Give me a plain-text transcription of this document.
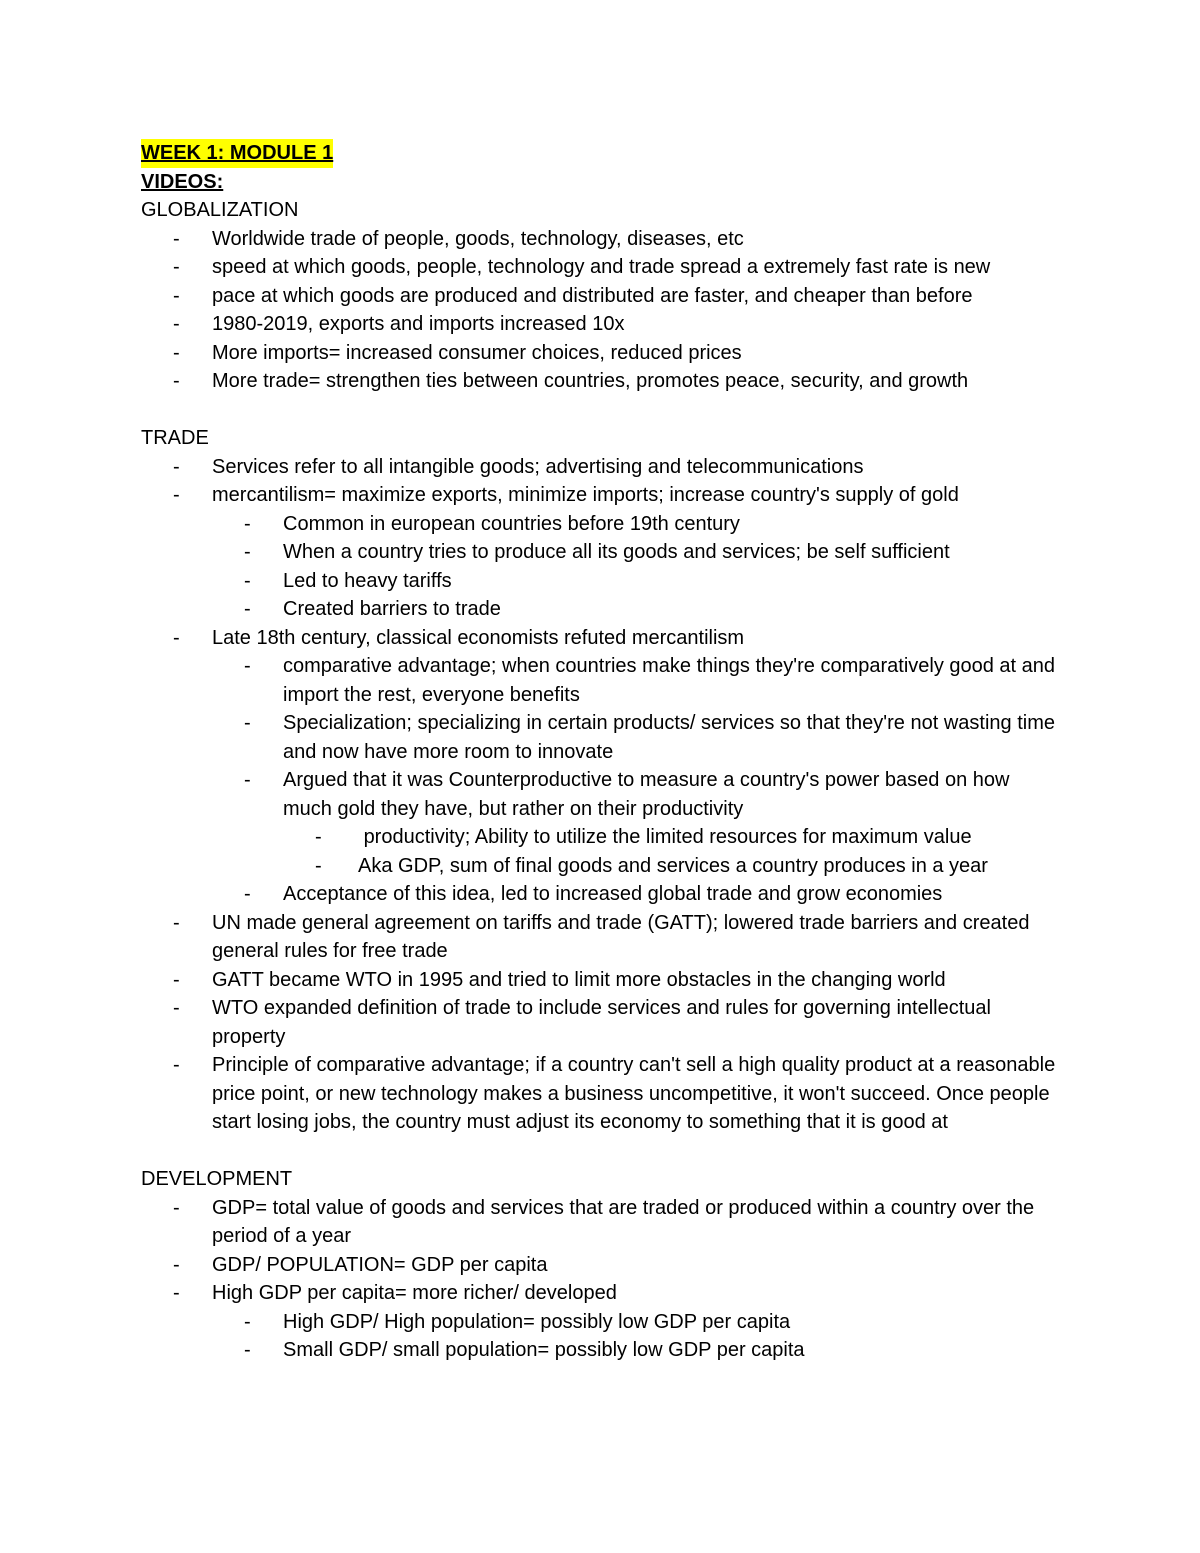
WEEK 1: MODULE 1
VIDEOS:
GLOBALIZATION
- Worldwide trade of people, goods, technology, diseases, etc
- speed at which goods, people, technology and trade spread a extremely fast rate is new
- pace at which goods are produced and distributed are faster, and cheaper than before
- 1980-2019, exports and imports increased 10x
- More imports= increased consumer choices, reduced prices
- More trade= strengthen ties between countries, promotes peace, security, and growth
TRADE
- Services refer to all intangible goods; advertising and telecommunications
- mercantilism= maximize exports, minimize imports; increase country's supply of gold
- Common in european countries before 19th century
- When a country tries to produce all its goods and services; be self sufficient
- Led to heavy tariffs
- Created barriers to trade
- Late 18th century, classical economists refuted mercantilism
- comparative advantage; when countries make things they're comparatively good at and import the rest, everyone benefits
- Specialization; specializing in certain products/ services so that they're not wasting time and now have more room to innovate
- Argued that it was Counterproductive to measure a country's power based on how much gold they have, but rather on their productivity
- productivity; Ability to utilize the limited resources for maximum value
- Aka GDP, sum of final goods and services a country produces in a year
- Acceptance of this idea, led to increased global trade and grow economies
- UN made general agreement on tariffs and trade (GATT); lowered trade barriers and created general rules for free trade
- GATT became WTO in 1995 and tried to limit more obstacles in the changing world
- WTO expanded definition of trade to include services and rules for governing intellectual property
- Principle of comparative advantage; if a country can't sell a high quality product at a reasonable price point, or new technology makes a business uncompetitive, it won't succeed. Once people start losing jobs, the country must adjust its economy to something that it is good at
DEVELOPMENT
- GDP= total value of goods and services that are traded or produced within a country over the period of a year
- GDP/ POPULATION= GDP per capita
- High GDP per capita= more richer/ developed
- High GDP/ High population= possibly low GDP per capita
- Small GDP/ small population= possibly low GDP per capita
